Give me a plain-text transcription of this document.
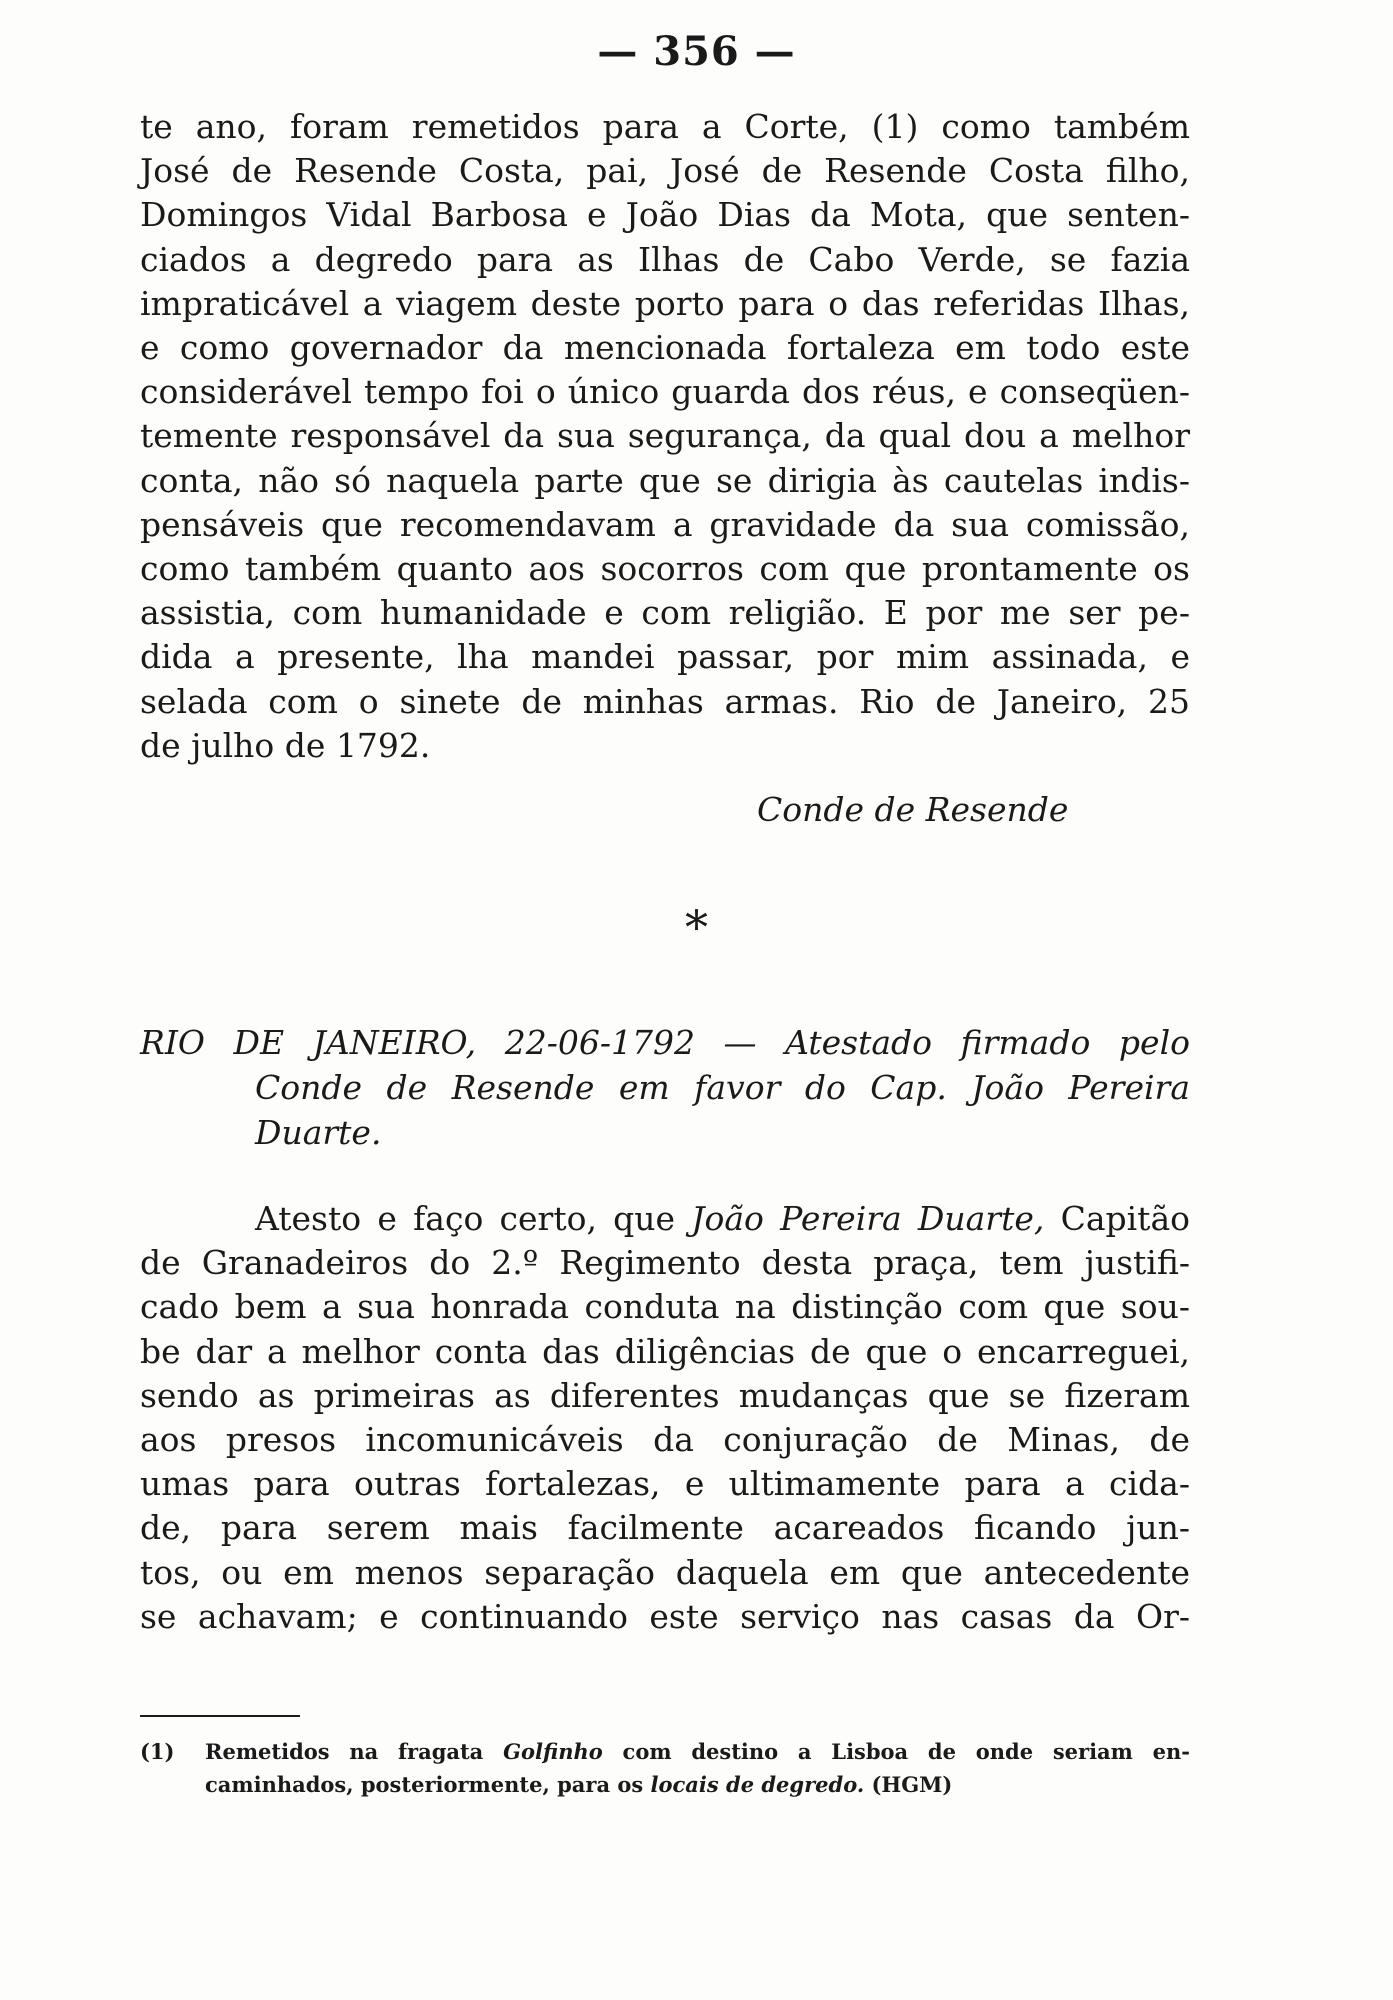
— 356 —
te ano, foram remetidos para a Corte, (1) como também
José de Resende Costa, pai, José de Resende Costa filho,
Domingos Vidal Barbosa e João Dias da Mota, que senten-
ciados a degredo para as Ilhas de Cabo Verde, se fazia
impraticável a viagem deste porto para o das referidas Ilhas,
e como governador da mencionada fortaleza em todo este
considerável tempo foi o único guarda dos réus, e conseqüen-
temente responsável da sua segurança, da qual dou a melhor
conta, não só naquela parte que se dirigia às cautelas indis-
pensáveis que recomendavam a gravidade da sua comissão,
como também quanto aos socorros com que prontamente os
assistia, com humanidade e com religião. E por me ser pe-
dida a presente, lha mandei passar, por mim assinada, e
selada com o sinete de minhas armas. Rio de Janeiro, 25
de julho de 1792.
Conde de Resende
*
RIO DE JANEIRO, 22-06-1792 — Atestado firmado pelo
Conde de Resende em favor do Cap. João Pereira
Duarte.
Atesto e faço certo, que João Pereira Duarte, Capitão
de Granadeiros do 2.º Regimento desta praça, tem justifi-
cado bem a sua honrada conduta na distinção com que sou-
be dar a melhor conta das diligências de que o encarreguei,
sendo as primeiras as diferentes mudanças que se fizeram
aos presos incomunicáveis da conjuração de Minas, de
umas para outras fortalezas, e ultimamente para a cida-
de, para serem mais facilmente acareados ficando jun-
tos, ou em menos separação daquela em que antecedente
se achavam; e continuando este serviço nas casas da Or-
(1) Remetidos na fragata Golfinho com destino a Lisboa de onde seriam en-
caminhados, posteriormente, para os locais de degredo. (HGM)
